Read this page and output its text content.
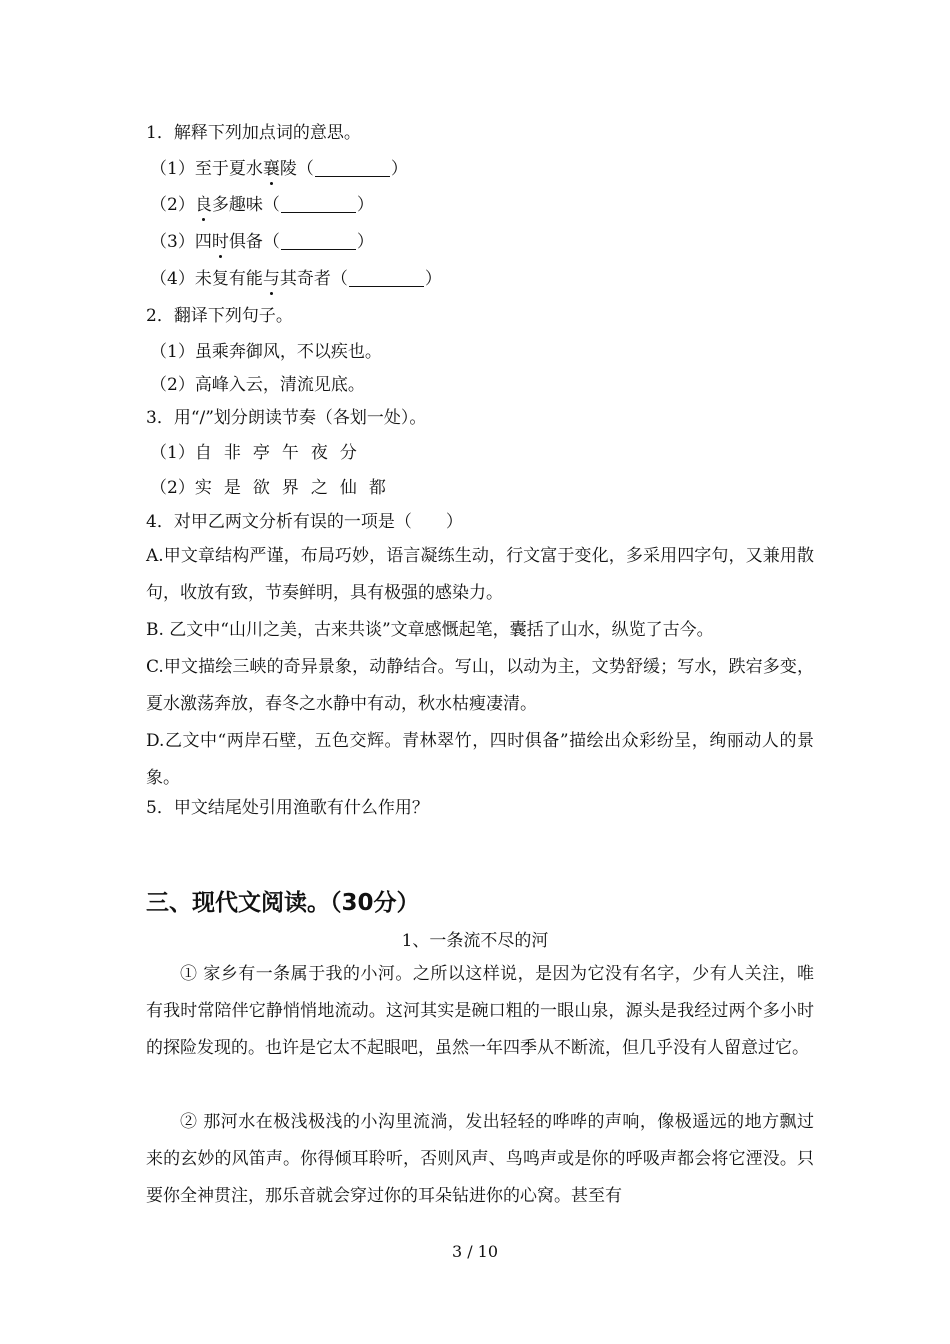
1．解释下列加点词的意思。
（1）至于夏水襄陵（	）
（2）良多趣味（	）
（3）四时俱备（	）
（4）未复有能与其奇者（	）
2．翻译下列句子。
（1）虽乘奔御风，不以疾也。
（2）高峰入云，清流见底。
3．用“/”划分朗读节奏（各划一处）。
（1）自非亭午夜分
（2）实是欲界之仙都
4．对甲乙两文分析有误的一项是（　　）
A.甲文章结构严谨，布局巧妙，语言凝练生动，行文富于变化，多采用四字句，又兼用散句，收放有致，节奏鲜明，具有极强的感染力。
B. 乙文中“山川之美，古来共谈”文章感慨起笔，囊括了山水，纵览了古今。
C.甲文描绘三峡的奇异景象，动静结合。写山，以动为主，文势舒缓；写水，跌宕多变，夏水激荡奔放，春冬之水静中有动，秋水枯瘦凄清。
D.乙文中“两岸石壁，五色交辉。青林翠竹，四时俱备”描绘出众彩纷呈，绚丽动人的景象。
5．甲文结尾处引用渔歌有什么作用？
三、现代文阅读。（30分）
1、一条流不尽的河
① 家乡有一条属于我的小河。之所以这样说，是因为它没有名字，少有人关注，唯有我时常陪伴它静悄悄地流动。这河其实是碗口粗的一眼山泉，源头是我经过两个多小时的探险发现的。也许是它太不起眼吧，虽然一年四季从不断流，但几乎没有人留意过它。
② 那河水在极浅极浅的小沟里流淌，发出轻轻的哗哗的声响，像极遥远的地方飘过来的玄妙的风笛声。你得倾耳聆听，否则风声、鸟鸣声或是你的呼吸声都会将它湮没。只要你全神贯注，那乐音就会穿过你的耳朵钻进你的心窝。甚至有
3 / 10
